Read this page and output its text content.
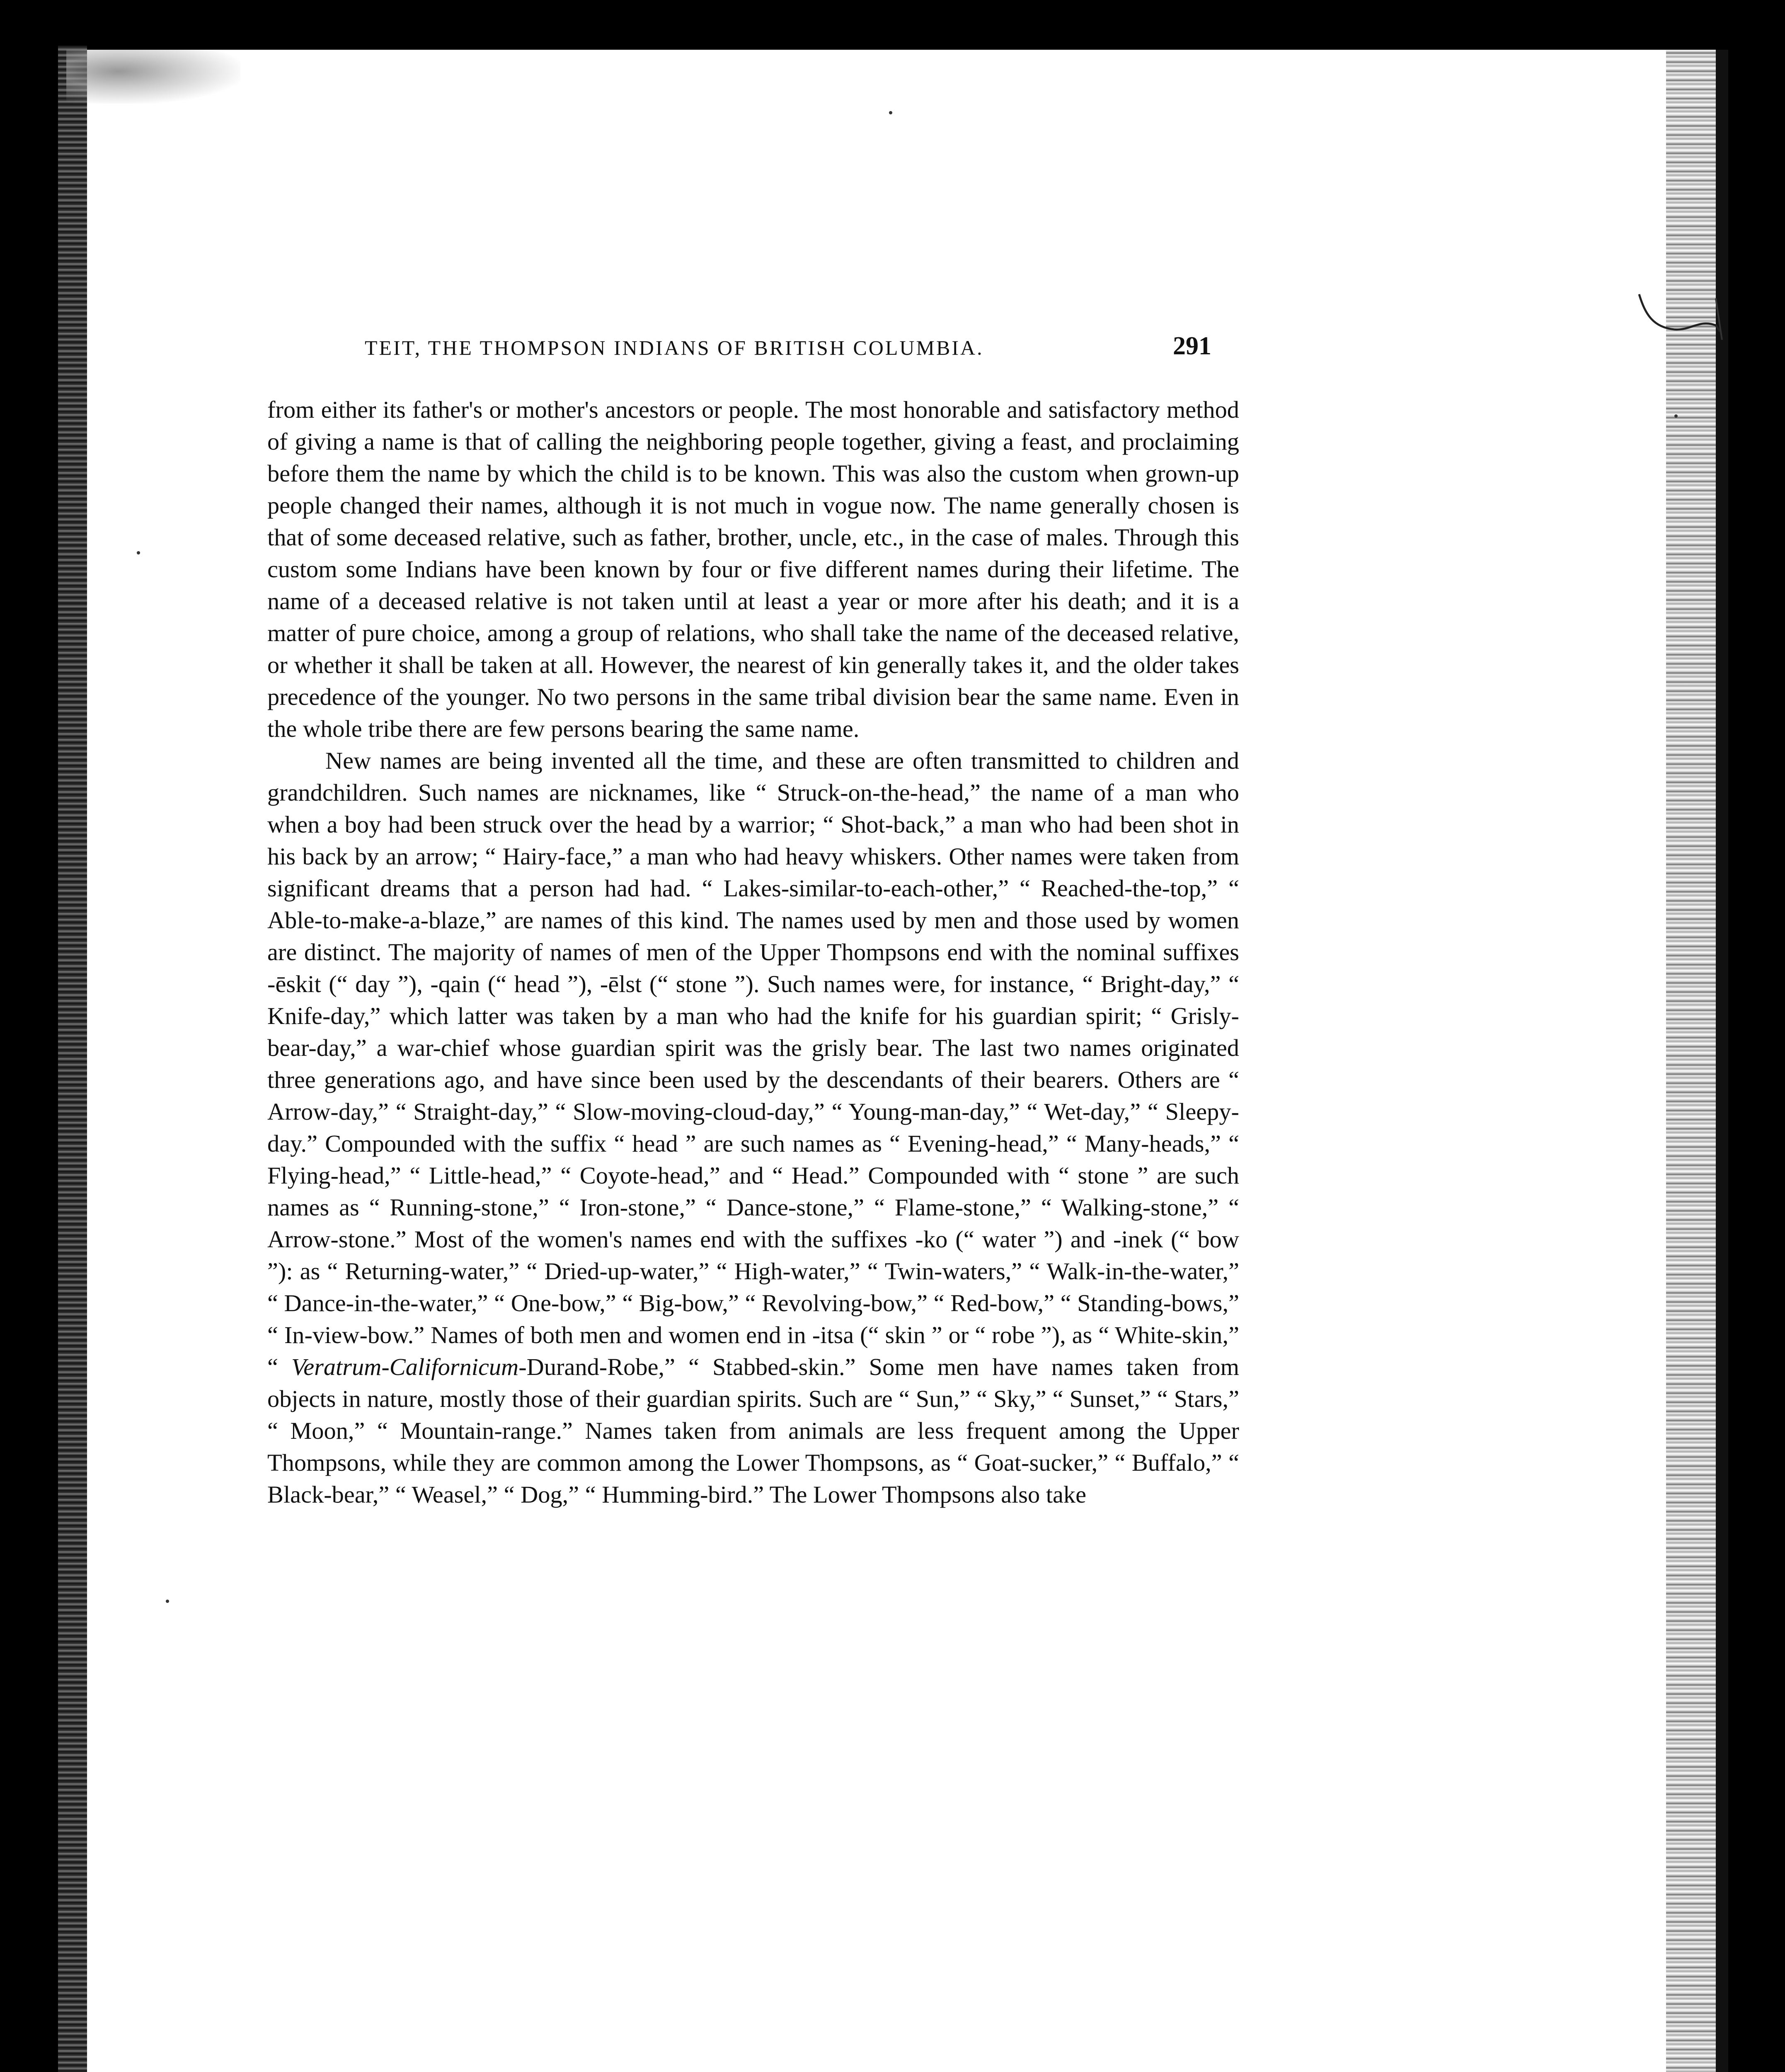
TEIT, THE THOMPSON INDIANS OF BRITISH COLUMBIA.	291

from either its father's or mother's ancestors or people. The most honorable and satisfactory method of giving a name is that of calling the neighboring people together, giving a feast, and proclaiming before them the name by which the child is to be known. This was also the custom when grown-up people changed their names, although it is not much in vogue now. The name generally chosen is that of some deceased relative, such as father, brother, uncle, etc., in the case of males. Through this custom some Indians have been known by four or five different names during their lifetime. The name of a deceased relative is not taken until at least a year or more after his death; and it is a matter of pure choice, among a group of relations, who shall take the name of the deceased relative, or whether it shall be taken at all. However, the nearest of kin generally takes it, and the older takes precedence of the younger. No two persons in the same tribal division bear the same name. Even in the whole tribe there are few persons bearing the same name.

New names are being invented all the time, and these are often transmitted to children and grandchildren. Such names are nicknames, like “ Struck-on-the-head,” the name of a man who when a boy had been struck over the head by a warrior; “ Shot-back,” a man who had been shot in his back by an arrow; “ Hairy-face,” a man who had heavy whiskers. Other names were taken from significant dreams that a person had had. “ Lakes-similar-to-each-other,” “ Reached-the-top,” “ Able-to-make-a-blaze,” are names of this kind. The names used by men and those used by women are distinct. The majority of names of men of the Upper Thompsons end with the nominal suffixes -ēskit (“ day ”), -qain (“ head ”), -ēlst (“ stone ”). Such names were, for instance, “ Bright-day,” “ Knife-day,” which latter was taken by a man who had the knife for his guardian spirit; “ Grisly-bear-day,” a war-chief whose guardian spirit was the grisly bear. The last two names originated three generations ago, and have since been used by the descendants of their bearers. Others are “ Arrow-day,” “ Straight-day,” “ Slow-moving-cloud-day,” “ Young-man-day,” “ Wet-day,” “ Sleepy-day.” Compounded with the suffix “ head ” are such names as “ Evening-head,” “ Many-heads,” “ Flying-head,” “ Little-head,” “ Coyote-head,” and “ Head.” Compounded with “ stone ” are such names as “ Running-stone,” “ Iron-stone,” “ Dance-stone,” “ Flame-stone,” “ Walking-stone,” “ Arrow-stone.” Most of the women's names end with the suffixes -ko (“ water ”) and -inek (“ bow ”): as “ Returning-water,” “ Dried-up-water,” “ High-water,” “ Twin-waters,” “ Walk-in-the-water,” “ Dance-in-the-water,” “ One-bow,” “ Big-bow,” “ Revolving-bow,” “ Red-bow,” “ Standing-bows,” “ In-view-bow.” Names of both men and women end in -itsa (“ skin ” or “ robe ”), as “ White-skin,” “ Veratrum-Californicum-Durand-Robe,” “ Stabbed-skin.” Some men have names taken from objects in nature, mostly those of their guardian spirits. Such are “ Sun,” “ Sky,” “ Sunset,” “ Stars,” “ Moon,” “ Mountain-range.” Names taken from animals are less frequent among the Upper Thompsons, while they are common among the Lower Thompsons, as “ Goat-sucker,” “ Buffalo,” “ Black-bear,” “ Weasel,” “ Dog,” “ Humming-bird.” The Lower Thompsons also take
